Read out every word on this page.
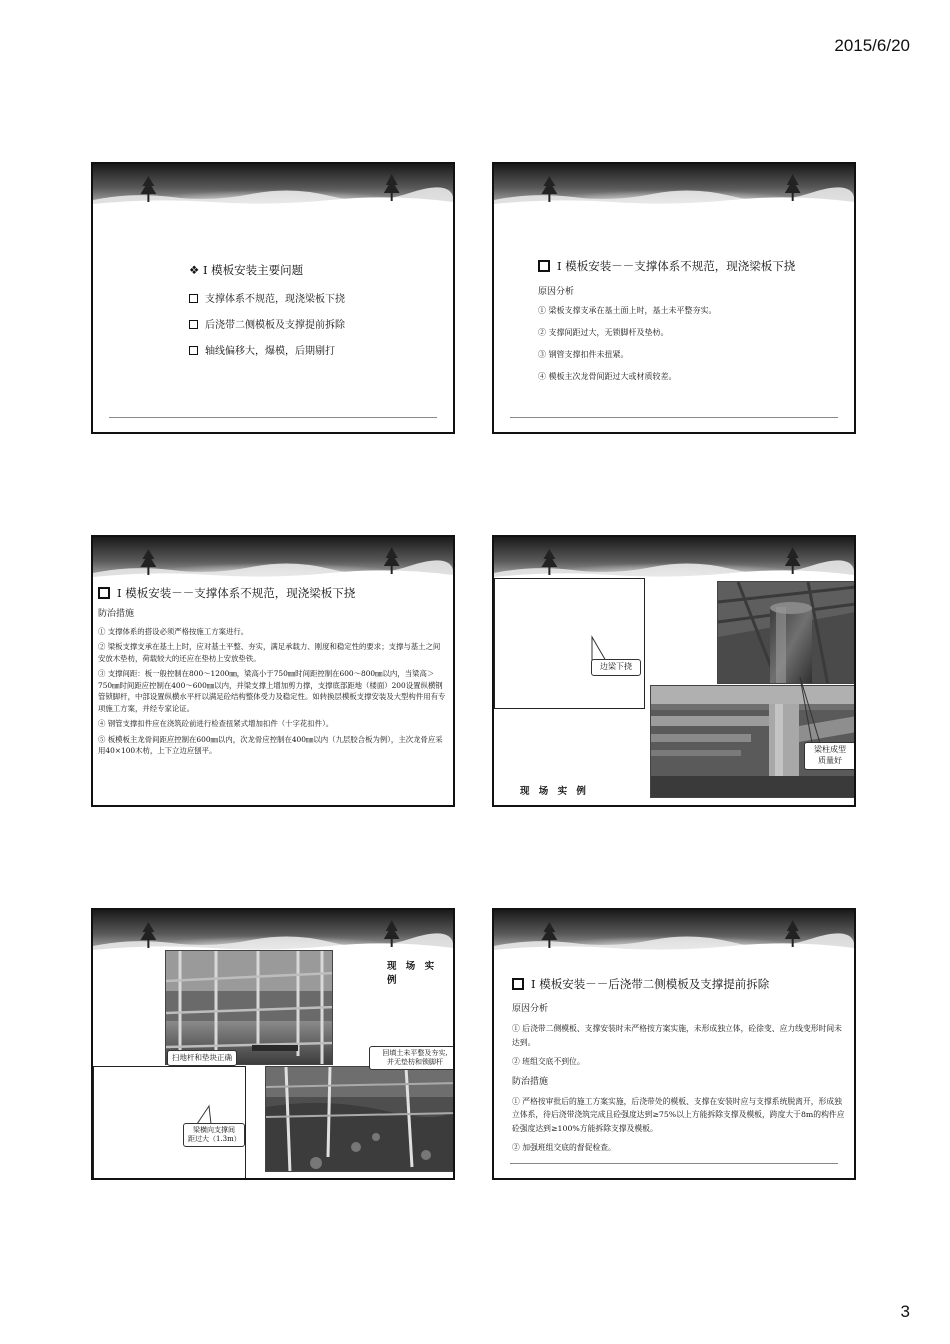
2015/6/20
❖ Ⅰ 模板安装主要问题
支撑体系不规范，现浇梁板下挠
后浇带二侧模板及支撑提前拆除
轴线偏移大，爆模，后期剔打
Ⅰ 模板安装－－支撑体系不规范，现浇梁板下挠
原因分析
① 梁板支撑支承在基土面上时，基土未平整夯实。
② 支撑间距过大，无锁脚杆及垫枋。
③ 钢管支撑扣件未扭紧。
④ 模板主次龙骨间距过大或材质较差。
Ⅰ 模板安装－－支撑体系不规范，现浇梁板下挠
防治措施
① 支撑体系的搭设必须严格按施工方案进行。
② 梁板支撑支承在基土上时，应对基土平整、夯实，满足承载力、刚度和稳定性的要求；支撑与基土之间安放木垫枋，荷载较大的还应在垫枋上安放垫铁。
③ 支撑间距：板一般控制在800～1200㎜，梁高小于750㎜时间距控制在600～800㎜以内，当梁高＞750㎜时间距应控制在400～600㎜以内，并梁支撑上增加剪力撑，支撑底部距地（楼面）200设置纵横钢管锁脚杆，中部设置纵横水平杆以满足砼结构整体受力及稳定性。如转换层模板支撑安装及大型构件用有专项施工方案，并经专家论证。
④ 钢管支撑扣件应在浇筑砼前进行检查扭紧式增加扣件（十字花扣件）。
⑤ 板模板主龙骨间距应控制在600㎜以内，次龙骨应控制在400㎜以内（九层胶合板为例），主次龙骨应采用40×100木枋，上下立边应刨平。
边梁下挠
梁柱成型
质量好
现 场 实 例
现 场 实 例
扫地杆和垫块正确	回填土未平整及夯实,
并无垫枋和锁脚杆
梁横向支撑间
距过大（1.3m）
Ⅰ 模板安装－－后浇带二侧模板及支撑提前拆除
原因分析
① 后浇带二侧模板、支撑安装时未严格按方案实施，未形成独立体，砼徐变、应力线变形时间未达到。
② 班组交底不到位。
防治措施
① 严格按审批后的施工方案实施，后浇带处的模板、支撑在安装时应与支撑系统脱离开，形成独立体系，待后浇带浇筑完成且砼强度达到≥75%以上方能拆除支撑及模板，跨度大于8m的构件应砼强度达到≥100%方能拆除支撑及模板。
② 加强班组交底的督促检查。
3
